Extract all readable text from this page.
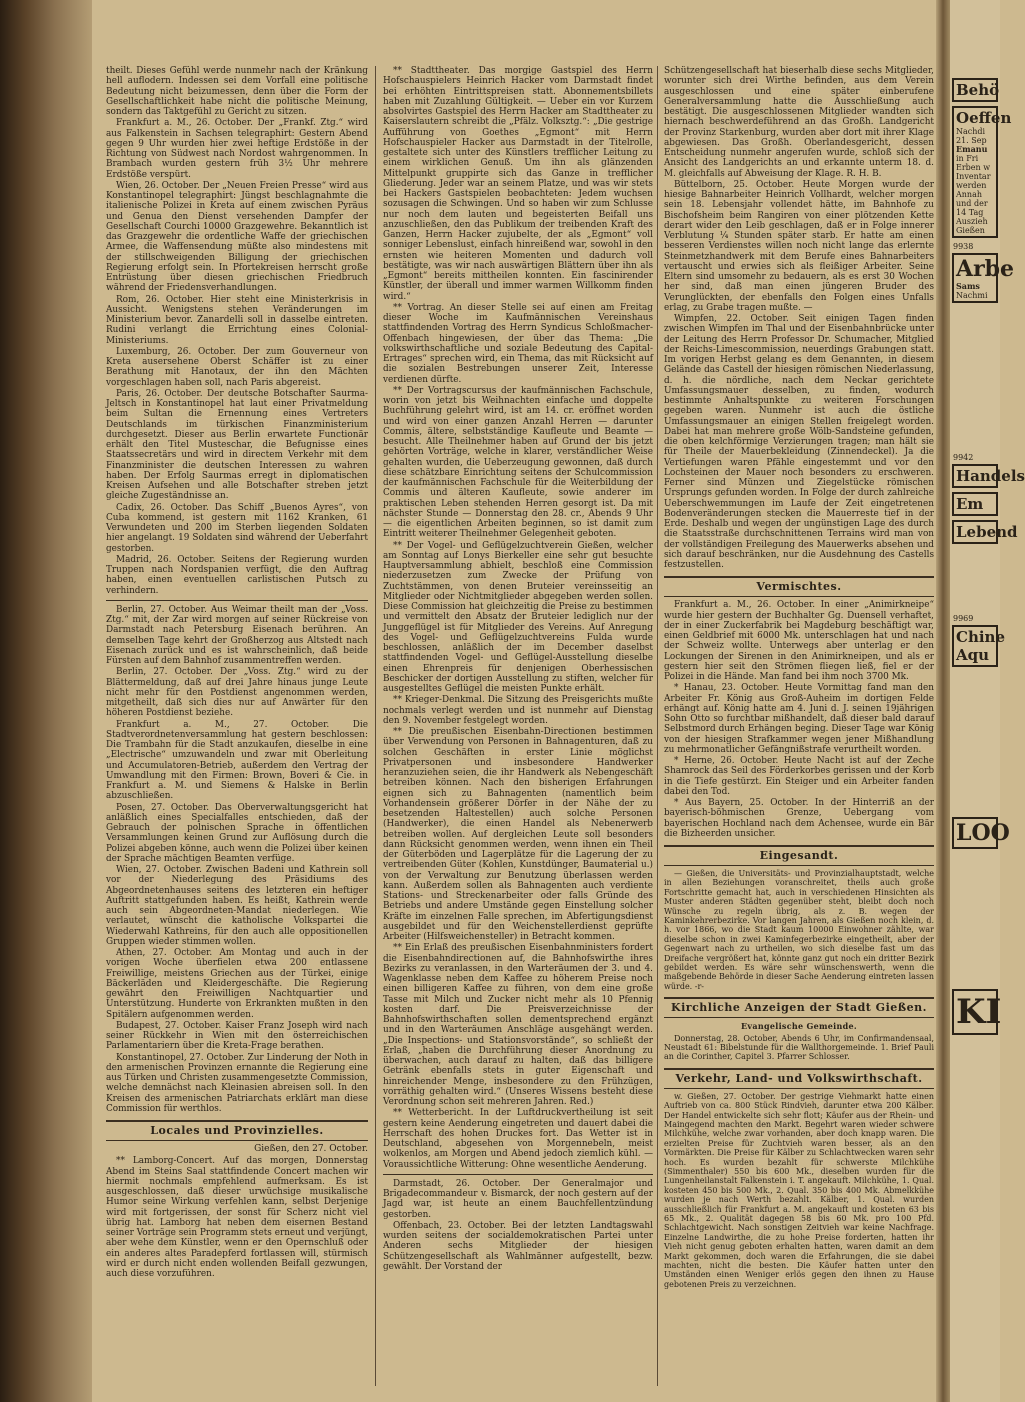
theilt. Dieses Gefühl werde nunmehr nach der Kränkung hell auflodern. Indessen sei dem Vorfall eine politische Bedeutung nicht beizumessen, denn über die Form der Gesellschaftlichkeit habe nicht die politische Meinung, sondern das Taktgefühl zu Gericht zu sitzen.

Frankfurt a. M., 26. October. Der „Frankf. Ztg.“ wird aus Falkenstein in Sachsen telegraphirt: Gestern Abend gegen 9 Uhr wurden hier zwei heftige Erdstöße in der Richtung von Südwest nach Nordost wahrgenommen. In Brambach wurden gestern früh 3½ Uhr mehrere Erdstöße verspürt.

Wien, 26. October. Der „Neuen Freien Presse“ wird aus Konstantinopel telegraphirt: Jüngst beschlagnahmte die italienische Polizei in Kreta auf einem zwischen Pyräus und Genua den Dienst versehenden Dampfer der Gesellschaft Courchi 10000 Grazgewehre. Bekanntlich ist das Grazgewehr die ordentliche Waffe der griechischen Armee, die Waffensendung müßte also mindestens mit der stillschweigenden Billigung der griechischen Regierung erfolgt sein. In Pfortekreisen herrscht große Entrüstung über diesen griechischen Friedbruch während der Friedensverhandlungen.

Rom, 26. October. Hier steht eine Ministerkrisis in Aussicht. Wenigstens stehen Veränderungen im Ministerium bevor. Zanardelli soll in dasselbe eintreten. Rudini verlangt die Errichtung eines Colonial-Ministeriums.

Luxemburg, 26. October. Der zum Gouverneur von Kreta ausersehene Oberst Schäffer ist zu einer Berathung mit Hanotaux, der ihn den Mächten vorgeschlagen haben soll, nach Paris abgereist.

Paris, 26. October. Der deutsche Botschafter Saurma-Jeltsch in Konstantinopel hat laut einer Privatmeldung beim Sultan die Ernennung eines Vertreters Deutschlands im türkischen Finanzministerium durchgesetzt. Dieser aus Berlin erwartete Functionär erhält den Titel Musteschar, die Befugnisse eines Staatssecretärs und wird in directem Verkehr mit dem Finanzminister die deutschen Interessen zu wahren haben. Der Erfolg Saurmas erregt in diplomatischen Kreisen Aufsehen und alle Botschafter streben jetzt gleiche Zugeständnisse an.

Cadix, 26. October. Das Schiff „Buenos Ayres“, von Cuba kommend, ist gestern mit 1162 Kranken, 61 Verwundeten und 200 im Sterben liegenden Soldaten hier angelangt. 19 Soldaten sind während der Ueberfahrt gestorben.

Madrid, 26. October. Seitens der Regierung wurden Truppen nach Nordspanien verfügt, die den Auftrag haben, einen eventuellen carlistischen Putsch zu verhindern.

Berlin, 27. October. Aus Weimar theilt man der „Voss. Ztg.“ mit, der Zar wird morgen auf seiner Rückreise von Darmstadt nach Petersburg Eisenach berühren. An demselben Tage kehrt der Großherzog aus Altstedt nach Eisenach zurück und es ist wahrscheinlich, daß beide Fürsten auf dem Bahnhof zusammentreffen werden.

Berlin, 27. October. Der „Voss. Ztg.“ wird zu der Blättermeldung, daß auf drei Jahre hinaus junge Leute nicht mehr für den Postdienst angenommen werden, mitgetheilt, daß sich dies nur auf Anwärter für den höheren Postdienst beziehe.

Frankfurt a. M., 27. October. Die Stadtverordnetenversammlung hat gestern beschlossen: Die Trambahn für die Stadt anzukaufen, dieselbe in eine „Electrische“ umzuwandeln und zwar mit Oberleitung und Accumulatoren-Betrieb, außerdem den Vertrag der Umwandlung mit den Firmen: Brown, Boveri & Cie. in Frankfurt a. M. und Siemens & Halske in Berlin abzuschließen.

Posen, 27. October. Das Oberverwaltungsgericht hat anläßlich eines Specialfalles entschieden, daß der Gebrauch der polnischen Sprache in öffentlichen Versammlungen keinen Grund zur Auflösung durch die Polizei abgeben könne, auch wenn die Polizei über keinen der Sprache mächtigen Beamten verfüge.

Wien, 27. October. Zwischen Badeni und Kathrein soll vor der Niederlegung des Präsidiums des Abgeordnetenhauses seitens des letzteren ein heftiger Auftritt stattgefunden haben. Es heißt, Kathrein werde auch sein Abgeordneten-Mandat niederlegen. Wie verlautet, wünscht die katholische Volkspartei die Wiederwahl Kathreins, für den auch alle oppositionellen Gruppen wieder stimmen wollen.

Athen, 27. October. Am Montag und auch in der vorigen Woche überfielen etwa 200 entlassene Freiwillige, meistens Griechen aus der Türkei, einige Bäckerläden und Kleidergeschäfte. Die Regierung gewährt den Freiwilligen Nachtquartier und Unterstützung. Hunderte von Erkrankten mußten in den Spitälern aufgenommen werden.

Budapest, 27. October. Kaiser Franz Joseph wird nach seiner Rückkehr in Wien mit den österreichischen Parlamentariern über die Kreta-Frage berathen.

Konstantinopel, 27. October. Zur Linderung der Noth in den armenischen Provinzen ernannte die Regierung eine aus Türken und Christen zusammengesetzte Commission, welche demnächst nach Kleinasien abreisen soll. In den Kreisen des armenischen Patriarchats erklärt man diese Commission für werthlos.

Locales und Provinzielles.
Gießen, den 27. October.

** Lamborg-Concert. Auf das morgen, Donnerstag Abend im Steins Saal stattfindende Concert machen wir hiermit nochmals empfehlend aufmerksam. Es ist ausgeschlossen, daß dieser urwüchsige musikalische Humor seine Wirkung verfehlen kann, selbst Derjenige wird mit fortgerissen, der sonst für Scherz nicht viel übrig hat. Lamborg hat neben dem eisernen Bestand seiner Vorträge sein Programm stets erneut und verjüngt, aber wehe dem Künstler, wenn er den Opernschluß oder ein anderes altes Paradepferd fortlassen will, stürmisch wird er durch nicht enden wollenden Beifall gezwungen, auch diese vorzuführen.

** Stadttheater. Das morgige Gastspiel des Herrn Hofschauspielers Heinrich Hacker vom Darmstadt findet bei erhöhten Eintrittspreisen statt. Abonnementsbillets haben mit Zuzahlung Gültigkeit. — Ueber ein vor Kurzem absolvirtes Gastspiel des Herrn Hacker am Stadttheater zu Kaiserslautern schreibt die „Pfälz. Volksztg.“: „Die gestrige Aufführung von Goethes „Egmont“ mit Herrn Hofschauspieler Hacker aus Darmstadt in der Titelrolle, gestaltete sich unter des Künstlers trefflicher Leitung zu einem wirklichen Genuß. Um ihn als glänzenden Mittelpunkt gruppirte sich das Ganze in trefflicher Gliederung. Jeder war an seinem Platze, und was wir stets bei Hackers Gastspielen beobachteten: Jedem wuchsen sozusagen die Schwingen. Und so haben wir zum Schlusse nur noch dem lauten und begeisterten Beifall uns anzuschließen, den das Publikum der treibenden Kraft des Ganzen, Herrn Hacker zujubelte, der als „Egmont“ voll sonniger Lebenslust, einfach hinreißend war, sowohl in den ernsten wie heiteren Momenten und dadurch voll bestätigte, was wir nach auswärtigen Blättern über ihn als „Egmont“ bereits mittheilen konnten. Ein fascinirender Künstler, der überall und immer warmen Willkomm finden wird.“

** Vortrag. An dieser Stelle sei auf einen am Freitag dieser Woche im Kaufmännischen Vereinshaus stattfindenden Vortrag des Herrn Syndicus Schloßmacher-Offenbach hingewiesen, der über das Thema: „Die volkswirthschaftliche und soziale Bedeutung des Capital-Ertrages“ sprechen wird, ein Thema, das mit Rücksicht auf die sozialen Bestrebungen unserer Zeit, Interesse verdienen dürfte.

** Der Vortragscursus der kaufmännischen Fachschule, worin von jetzt bis Weihnachten einfache und doppelte Buchführung gelehrt wird, ist am 14. cr. eröffnet worden und wird von einer ganzen Anzahl Herren — darunter Commis, ältere, selbstständige Kaufleute und Beamte — besucht. Alle Theilnehmer haben auf Grund der bis jetzt gehörten Vorträge, welche in klarer, verständlicher Weise gehalten wurden, die Ueberzeugung gewonnen, daß durch diese schätzbare Einrichtung seitens der Schulcommission der kaufmännischen Fachschule für die Weiterbildung der Commis und älteren Kaufleute, sowie anderer im praktischen Leben stehenden Herren gesorgt ist. Da mit nächster Stunde — Donnerstag den 28. cr., Abends 9 Uhr — die eigentlichen Arbeiten beginnen, so ist damit zum Eintritt weiterer Theilnehmer Gelegenheit geboten.

** Der Vogel- und Geflügelzuchtverein Gießen, welcher am Sonntag auf Lonys Bierkeller eine sehr gut besuchte Hauptversammlung abhielt, beschloß eine Commission niederzusetzen zum Zwecke der Prüfung von Zuchtstämmen, von denen Bruteier vereinsseitig an Mitglieder oder Nichtmitglieder abgegeben werden sollen. Diese Commission hat gleichzeitig die Preise zu bestimmen und vermittelt den Absatz der Bruteier lediglich nur der Junggeflügel ist für Mitglieder des Vereins. Auf Anregung des Vogel- und Geflügelzuchtvereins Fulda wurde beschlossen, anläßlich der im December daselbst stattfindenden Vogel- und Geflügel-Ausstellung dieselbe einen Ehrenpreis für denjenigen Oberhessischen Beschicker der dortigen Ausstellung zu stiften, welcher für ausgestelltes Geflügel die meisten Punkte erhält.

** Krieger-Denkmal. Die Sitzung des Preisgerichts mußte nochmals verlegt werden und ist nunmehr auf Dienstag den 9. November festgelegt worden.

** Die preußischen Eisenbahn-Directionen bestimmen über Verwendung von Personen in Bahnagenturen, daß zu solchen Geschäften in erster Linie möglichst Privatpersonen und insbesondere Handwerker heranzuziehen seien, die ihr Handwerk als Nebengeschäft betreiben können. Nach den bisherigen Erfahrungen eignen sich zu Bahnagenten (namentlich beim Vorhandensein größerer Dörfer in der Nähe der zu besetzenden Haltestellen) auch solche Personen (Handwerker), die einen Handel als Nebenerwerb betreiben wollen. Auf dergleichen Leute soll besonders dann Rücksicht genommen werden, wenn ihnen ein Theil der Güterböden und Lagerplätze für die Lagerung der zu vertreibenden Güter (Kohlen, Kunstdünger, Baumaterial u.) von der Verwaltung zur Benutzung überlassen werden kann. Außerdem sollen als Bahnagenten auch verdiente Stations- und Streckenarbeiter oder falls Gründe des Betriebs und andere Umstände gegen Einstellung solcher Kräfte im einzelnen Falle sprechen, im Abfertigungsdienst ausgebildet und für den Weichenstellerdienst geprüfte Arbeiter (Hilfsweichensteller) in Betracht kommen.

** Ein Erlaß des preußischen Eisenbahnministers fordert die Eisenbahndirectionen auf, die Bahnhofswirthe ihres Bezirks zu veranlassen, in den Warteräumen der 3. und 4. Wagenklasse neben dem Kaffee zu höherem Preise noch einen billigeren Kaffee zu führen, von dem eine große Tasse mit Milch und Zucker nicht mehr als 10 Pfennig kosten darf. Die Preisverzeichnisse der Bahnhofswirthschaften sollen dementsprechend ergänzt und in den Warteräumen Anschläge ausgehängt werden. „Die Inspections- und Stationsvorstände“, so schließt der Erlaß, „haben die Durchführung dieser Anordnung zu überwachen, auch darauf zu halten, daß das billigere Getränk ebenfalls stets in guter Eigenschaft und hinreichender Menge, insbesondere zu den Frühzügen, vorräthig gehalten wird.“ (Unseres Wissens besteht diese Verordnung schon seit mehreren Jahren. Red.)

** Wetterbericht. In der Luftdruckvertheilung ist seit gestern keine Aenderung eingetreten und dauert dabei die Herrschaft des hohen Druckes fort. Das Wetter ist in Deutschland, abgesehen von Morgennebeln, meist wolkenlos, am Morgen und Abend jedoch ziemlich kühl. — Voraussichtliche Witterung: Ohne wesentliche Aenderung.

Darmstadt, 26. October. Der Generalmajor und Brigadecommandeur v. Bismarck, der noch gestern auf der Jagd war, ist heute an einem Bauchfellentzündung gestorben.

Offenbach, 23. October. Bei der letzten Landtagswahl wurden seitens der socialdemokratischen Partei unter Anderen sechs Mitglieder der hiesigen Schützengesellschaft als Wahlmänner aufgestellt, bezw. gewählt. Der Vorstand der

Schützengesellschaft hat bieserhalb diese sechs Mitglieder, worunter sich drei Wirthe befinden, aus dem Verein ausgeschlossen und eine später einberufene Generalversammlung hatte die Ausschließung auch bestätigt. Die ausgeschlossenen Mitglieder wandten sich hiernach beschwerdeführend an das Großh. Landgericht der Provinz Starkenburg, wurden aber dort mit ihrer Klage abgewiesen. Das Großh. Oberlandesgericht, dessen Entscheidung nunmehr angerufen wurde, schloß sich der Ansicht des Landgerichts an und erkannte unterm 18. d. M. gleichfalls auf Abweisung der Klage. R. H. B.

Büttelborn, 25. October. Heute Morgen wurde der hiesige Bahnarbeiter Heinrich Vollhardt, welcher morgen sein 18. Lebensjahr vollendet hätte, im Bahnhofe zu Bischofsheim beim Rangiren von einer plötzenden Kette derart wider den Leib geschlagen, daß er in Folge innerer Verblutung ¼ Stunden später starb. Er hatte am einen besseren Verdienstes willen noch nicht lange das erlernte Steinmetzhandwerk mit dem Berufe eines Bahnarbeiters vertauscht und erwies sich als fleißiger Arbeiter. Seine Eltern sind umsomehr zu bedauern, als es erst 30 Wochen her sind, daß man einen jüngeren Bruder des Verunglückten, der ebenfalls den Folgen eines Unfalls erlag, zu Grabe tragen mußte. —

Wimpfen, 22. October. Seit einigen Tagen finden zwischen Wimpfen im Thal und der Eisenbahnbrücke unter der Leitung des Herrn Professor Dr. Schumacher, Mitglied der Reichs-Limescommission, neuerdings Grabungen statt. Im vorigen Herbst gelang es dem Genannten, in diesem Gelände das Castell der hiesigen römischen Niederlassung, d. h. die nördliche, nach dem Neckar gerichtete Umfassungsmauer desselben, zu finden, wodurch bestimmte Anhaltspunkte zu weiteren Forschungen gegeben waren. Nunmehr ist auch die östliche Umfassungsmauer an einigen Stellen freigelegt worden. Dabei hat man mehrere große Wölb-Sandsteine gefunden, die oben kelchförmige Verzierungen tragen; man hält sie für Theile der Mauerbekleidung (Zinnendeckel). Ja die Vertiefungen waren Pfähle eingestemmt und vor den Lochsteinen der Mauer noch besonders zu erschweren. Ferner sind Münzen und Ziegelstücke römischen Ursprungs gefunden worden. In Folge der durch zahlreiche Ueberschwemmungen im Laufe der Zeit eingetretenen Bodenveränderungen stecken die Mauerreste tief in der Erde. Deshalb und wegen der ungünstigen Lage des durch die Staatsstraße durchschnittenen Terrains wird man von der vollständigen Freilegung des Mauerwerks absehen und sich darauf beschränken, nur die Ausdehnung des Castells festzustellen.

Vermischtes.

Frankfurt a. M., 26. October. In einer „Animirkneipe“ wurde hier gestern der Buchhalter Gg. Duensell verhaftet, der in einer Zuckerfabrik bei Magdeburg beschäftigt war, einen Geldbrief mit 6000 Mk. unterschlagen hat und nach der Schweiz wollte. Unterwegs aber unterlag er den Lockungen der Sirenen in den Animirkneipen, und als er gestern hier seit den Strömen fliegen ließ, fiel er der Polizei in die Hände. Man fand bei ihm noch 3700 Mk.

* Hanau, 23. October. Heute Vormittag fand man den Arbeiter Fr. König aus Groß-Auheim im dortigen Felde erhängt auf. König hatte am 4. Juni d. J. seinen 19jährigen Sohn Otto so furchtbar mißhandelt, daß dieser bald darauf Selbstmord durch Erhängen beging. Dieser Tage war König von der hiesigen Strafkammer wegen jener Mißhandlung zu mehrmonatlicher Gefängnißstrafe verurtheilt worden.

* Herne, 26. October. Heute Nacht ist auf der Zeche Shamrock das Seil des Förderkorbes gerissen und der Korb in die Tiefe gestürzt. Ein Steiger und ein Arbeiter fanden dabei den Tod.

* Aus Bayern, 25. October. In der Hinterriß an der bayerisch-böhmischen Grenze, Uebergang vom bayerischen Hochland nach dem Achensee, wurde ein Bär die Bizheerden unsicher.

Eingesandt.

— Gießen, die Universitäts- und Provinzialhauptstadt, welche in allen Beziehungen voranschreitet, theils auch große Fortschritte gemacht hat, auch in verschiedenen Hinsichten als Muster anderen Städten gegenüber steht, bleibt doch noch Wünsche zu regeln übrig, als z. B. wegen der Kaminkehrerbezirke. Vor langen Jahren, als Gießen noch klein, d. h. vor 1866, wo die Stadt kaum 10000 Einwohner zählte, war dieselbe schon in zwei Kaminfegerbezirke eingetheilt, aber der Gegenwart nach zu urtheilen, wo sich dieselbe fast um das Dreifache vergrößert hat, könnte ganz gut noch ein dritter Bezirk gebildet werden. Es wäre sehr wünschenswerth, wenn die maßgebende Behörde in dieser Sache Aenderung eintreten lassen würde. -r-

Kirchliche Anzeigen der Stadt Gießen.
Evangelische Gemeinde.

Donnerstag, 28. October, Abends 6 Uhr, im Confirmandensaal, Neustadt 61: Bibelstunde für die Wallthorgemeinde. 1. Brief Pauli an die Corinther, Capitel 3. Pfarrer Schlosser.

Verkehr, Land- und Volkswirthschaft.

w. Gießen, 27. October. Der gestrige Viehmarkt hatte einen Auftrieb von ca. 800 Stück Rindvieh, darunter etwa 200 Kälber. Der Handel entwickelte sich sehr flott; Käufer aus der Rhein- und Maingegend machten den Markt. Begehrt waren wieder schwere Milchkühe, welche zwar vorhanden, aber doch knapp waren. Die erzielten Preise für Zuchtvieh waren besser, als an den Vormärkten. Die Preise für Kälber zu Schlachtwecken waren sehr hoch. Es wurden bezahlt für schwerste Milchkühe (Simmenthaler) 550 bis 600 Mk., dieselben wurden für die Lungenheilanstalt Falkenstein i. T. angekauft. Milchkühe, 1. Qual. kosteten 450 bis 500 Mk., 2. Qual. 350 bis 400 Mk. Abmelkkühe wurden je nach Werth bezahlt. Kälber, 1. Qual. wurden ausschließlich für Frankfurt a. M. angekauft und kosteten 63 bis 65 Mk., 2. Qualität dagegen 58 bis 60 Mk. pro 100 Pfd. Schlachtgewicht. Nach sonstigen Zeitvieh war keine Nachfrage. Einzelne Landwirthe, die zu hohe Preise forderten, hatten ihr Vieh nicht genug geboten erhalten hatten, waren damit an dem Markt gekommen, doch waren die Erfahrungen, die sie dabei machten, nicht die besten. Die Käufer hatten unter den Umständen einen Weniger erlös gegen den ihnen zu Hause gebotenen Preis zu verzeichnen.

Behö
Oeffen
Nachdi
21. Sep
Emanu
in Fri
Erben w
Inventar
werden
Annah
und der
14 Tag
Auszieh
Gießen
9938
Arbe
Sams
Nachmi
9942
Handels
Em
Lebend
9969
Chine
Aqu
LOO
KI
